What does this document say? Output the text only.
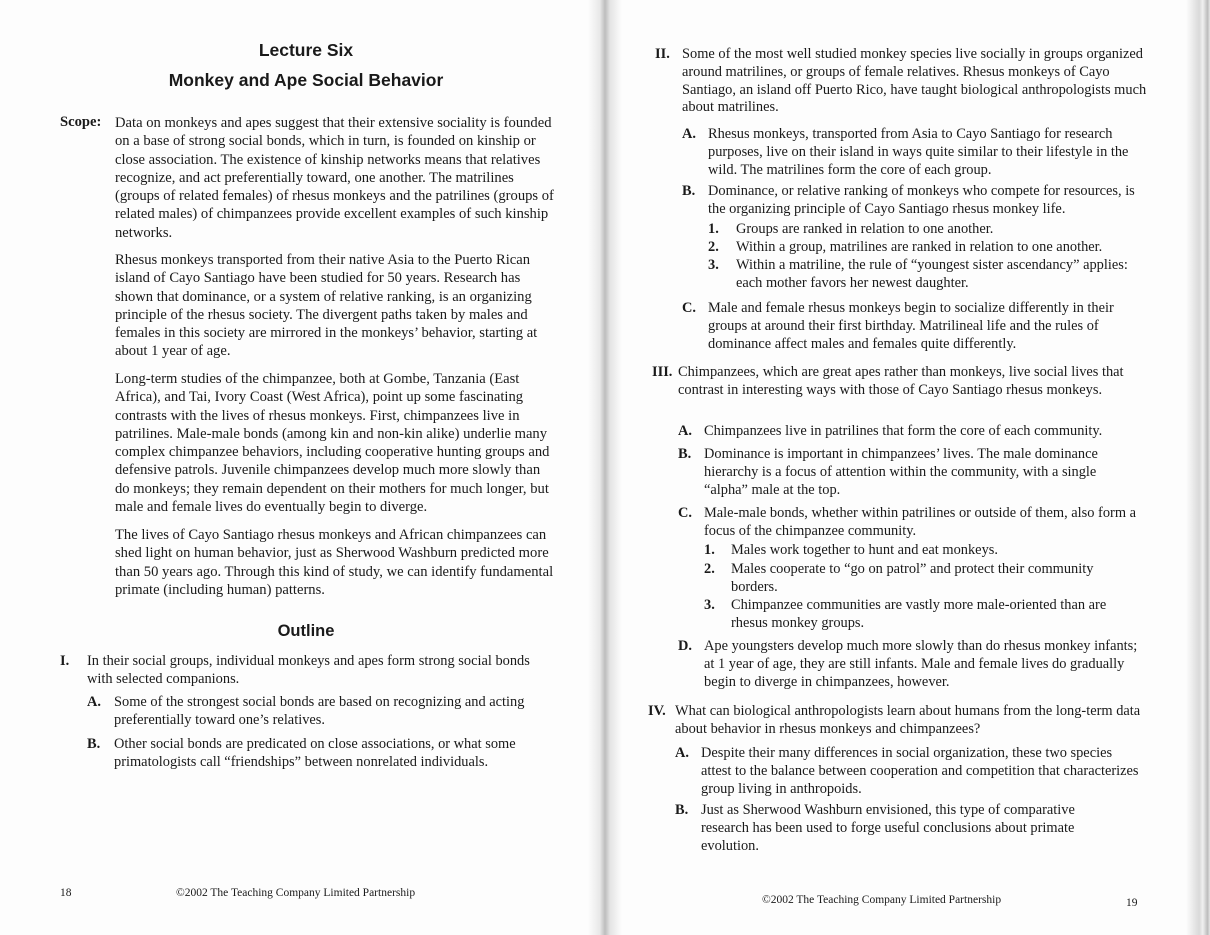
Lecture Six
Monkey and Ape Social Behavior
Scope: Data on monkeys and apes suggest that their extensive sociality is founded on a base of strong social bonds, which in turn, is founded on kinship or close association. The existence of kinship networks means that relatives recognize, and act preferentially toward, one another. The matrilines (groups of related females) of rhesus monkeys and the patrilines (groups of related males) of chimpanzees provide excellent examples of such kinship networks.

Rhesus monkeys transported from their native Asia to the Puerto Rican island of Cayo Santiago have been studied for 50 years. Research has shown that dominance, or a system of relative ranking, is an organizing principle of the rhesus society. The divergent paths taken by males and females in this society are mirrored in the monkeys’ behavior, starting at about 1 year of age.

Long-term studies of the chimpanzee, both at Gombe, Tanzania (East Africa), and Tai, Ivory Coast (West Africa), point up some fascinating contrasts with the lives of rhesus monkeys. First, chimpanzees live in patrilines. Male-male bonds (among kin and non-kin alike) underlie many complex chimpanzee behaviors, including cooperative hunting groups and defensive patrols. Juvenile chimpanzees develop much more slowly than do monkeys; they remain dependent on their mothers for much longer, but male and female lives do eventually begin to diverge.

The lives of Cayo Santiago rhesus monkeys and African chimpanzees can shed light on human behavior, just as Sherwood Washburn predicted more than 50 years ago. Through this kind of study, we can identify fundamental primate (including human) patterns.

Outline
I. In their social groups, individual monkeys and apes form strong social bonds with selected companions.
A. Some of the strongest social bonds are based on recognizing and acting preferentially toward one’s relatives.
B. Other social bonds are predicated on close associations, or what some primatologists call “friendships” between nonrelated individuals.
18	©2002 The Teaching Company Limited Partnership
II. Some of the most well studied monkey species live socially in groups organized around matrilines, or groups of female relatives. Rhesus monkeys of Cayo Santiago, an island off Puerto Rico, have taught biological anthropologists much about matrilines.
A. Rhesus monkeys, transported from Asia to Cayo Santiago for research purposes, live on their island in ways quite similar to their lifestyle in the wild. The matrilines form the core of each group.
B. Dominance, or relative ranking of monkeys who compete for resources, is the organizing principle of Cayo Santiago rhesus monkey life.
1. Groups are ranked in relation to one another.
2. Within a group, matrilines are ranked in relation to one another.
3. Within a matriline, the rule of “youngest sister ascendancy” applies: each mother favors her newest daughter.
C. Male and female rhesus monkeys begin to socialize differently in their groups at around their first birthday. Matrilineal life and the rules of dominance affect males and females quite differently.
III. Chimpanzees, which are great apes rather than monkeys, live social lives that contrast in interesting ways with those of Cayo Santiago rhesus monkeys.
A. Chimpanzees live in patrilines that form the core of each community.
B. Dominance is important in chimpanzees’ lives. The male dominance hierarchy is a focus of attention within the community, with a single “alpha” male at the top.
C. Male-male bonds, whether within patrilines or outside of them, also form a focus of the chimpanzee community.
1. Males work together to hunt and eat monkeys.
2. Males cooperate to “go on patrol” and protect their community borders.
3. Chimpanzee communities are vastly more male-oriented than are rhesus monkey groups.
D. Ape youngsters develop much more slowly than do rhesus monkey infants; at 1 year of age, they are still infants. Male and female lives do gradually begin to diverge in chimpanzees, however.
IV. What can biological anthropologists learn about humans from the long-term data about behavior in rhesus monkeys and chimpanzees?
A. Despite their many differences in social organization, these two species attest to the balance between cooperation and competition that characterizes group living in anthropoids.
B. Just as Sherwood Washburn envisioned, this type of comparative research has been used to forge useful conclusions about primate evolution.
©2002 The Teaching Company Limited Partnership	19
